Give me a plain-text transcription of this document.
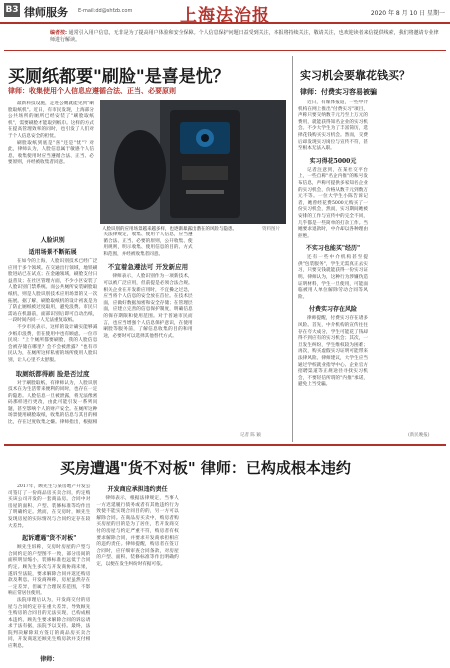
B3 律师服务 E-mail:dd@shfzb.com	上海法治报	2020 年 8 月 10 日 星期一
编者按: 通常引入用户信息，无非是为了提高用户体验和安全保障。个人信息保护问题日益受到关注，本报将持续关注，敬请关注，也欢迎读者来信提供线索，我们将邀请专业律师进行解读。
买厕纸都要"刷脸"是喜是忧？
律师：收集使用个人信息应遵循合法、正当、必要原则

最新科技设施，走进公厕就能见到"刷脸取纸机"。近日，有市民发现，上海部分公共场所的厕所已经安装了"刷脸取纸机"，需要刷脸才能取到纸巾。这样的方式在提高管理效率的同时，也引发了人们对于个人信息安全的担忧。

刷脸取纸到底是"喜"还是"忧"？对此，律师认为，人脸信息属于敏感个人信息，收集使用时应当遵循合法、正当、必要原则，并经被收集者同意。

人脸识别的应用场景越来越多样，也逐渐暴露出潜在的风险与隐患。	资料图片
人脸识别
适用场景不断拓展

在如今的上海，人脸识别技术已经广泛应用于多个领域。在交通出行领域，地铁刷脸进站已在试点；在金融领域，刷脸支付日益普及；在社区管理方面，不少小区安装了人脸识别门禁系统。而公共厕所安装刷脸取纸机，则是人脸识别技术应用场景的又一次拓展。据了解，刷脸取纸机的设计初衷是为了防止厕纸被过度取用，避免浪费。市民只需站在机器前，面部识别后即可自动出纸，一段时间内同一人无法重复取纸。

不少市民表示，这样的设计确实能够减少纸巾浪费，但在使用中也有顾虑。一位市民说："上个厕所都要刷脸，我的人脸信息会被存储在哪里？会不会被泄露？"也有市民认为，在厕所这样私密的场所使用人脸识别，让人心里不太舒服。

取厕纸都得刷 脸是否过度

对于刷脸取纸，有律师认为，人脸识别技术在为生活带来便利的同时，也存在一定的隐患。人脸信息一旦被泄露，将无法像密码那样进行更改，由此可能引发一系列问题，甚至影响个人的财产安全。在厕所这种场景使用刷脸取纸，收集的信息与其目的相比，存在过度收集之嫌。律师指出，根据相关法律规定，收集、使用个人信息，应当遵循合法、正当、必要的原则，公开收集、使用规则，明示收集、使用信息的目的、方式和范围，并经被收集者同意。

不宜着急遵法可 开发新应用

律师表示，人脸识别作为一项新技术，可以被广泛应用，但前提是必须合法合规。相关企业在开发新应用时，不宜操之过急，应当将个人信息的安全放在首位。在技术层面，应做好数据加密和安全存储；在管理层面，应建立完善的信息保护制度，明确信息的保存期限和使用范围。对于普通市民而言，也应当增强个人信息保护意识，在使用刷脸等服务前，了解信息收集的目的和用途，必要时可以选择其他替代方式。

记者 陈 颖
实习机会要靠花钱买？
律师：付费实习容易被骗

近日，有媒体报道，一些中介机构在网上推出"付费实习"项目，声称只要交纳数千元乃至上万元的费用，就能获得知名企业的实习机会。不少大学生为了丰富简历，选择花钱购买实习机会。然而，交费后却发现实习岗位与宣传不符，甚至根本无法入职。

实习得花5000元

记者注意到，在某社交平台上，一些自称"名企内推"的账号发布信息，声称可提供多家知名企业的实习机会，价格从数千元到数万元不等。一位大学生小陈告诉记者，她曾经花费5000元购买了一份实习机会，然而，实习期间她被安排的工作与宣传中的完全不同，几乎都是一些简单的打杂工作。当她要求退款时，中介却以各种理由拒绝。

不实习也能买"经历"

还有一些中介机构甚至提供"包装服务"，学生无需真正去实习，只要交钱就能获得一份实习证明。律师认为，这种行为涉嫌伪造证明材料，学生一旦使用，可能面临被用人单位解除劳动合同等风险。

付费实习存在风险

律师提醒，付费实习存在诸多风险。首先，中介机构的宣传往往存在夸大成分，学生可能花了钱却得不到应有的实习机会；其次，一旦发生纠纷，学生维权较为困难；再次，购买虚假实习证明可能带来法律风险。律师建议，大学生应当通过学校就业指导中心、企业官方招聘渠道等正规途径寻找实习机会，不要轻信所谓的"内推"承诺，避免上当受骗。

(新民晚报)
买房遭遇"货不对板" 律师：已构成根本违约

2017年，顾先生与某房地产开发公司签订了一份商品房买卖合同，约定购买该公司开发的一套商品房。合同中对房屋的面积、户型、装修标准等均作出了明确约定。然而，在交房时，顾先生发现房屋的实际情况与合同约定存在较大差异。

起诉遭遇"货不对板"

顾先生诉称，交房时房屋的户型与合同约定的户型图不一致，部分房间的面积明显缩小，装修标准也远低于合同约定。顾先生多次与开发商协商未果，遂诉至法院，要求解除合同并返还购房款及利息。开发商辩称，房屋虽然存在一定差异，但属于合理误差范围，不影响正常居住使用。

法院审理后认为，开发商交付的房屋与合同约定存在重大差异，导致顾先生购房的合同目的无法实现，已构成根本违约。顾先生要求解除合同的诉讼请求于法有据，法院予以支持。最终，法院判决解除双方签订的商品房买卖合同，开发商返还顾先生购房款并支付相应利息。

律师：
开发商应承担违约责任

律师表示，根据法律规定，当事人一方迟延履行债务或者有其他违约行为致使不能实现合同目的的，另一方可以解除合同。在商品房买卖中，购房者购买房屋的目的是为了居住，若开发商交付的房屋与约定严重不符，购房者有权要求解除合同，并要求开发商承担相应的违约责任。律师提醒，购房者在签订合同时，应仔细审查合同条款，对房屋的户型、面积、装修标准等作出明确约定，以便在发生纠纷时有据可依。
